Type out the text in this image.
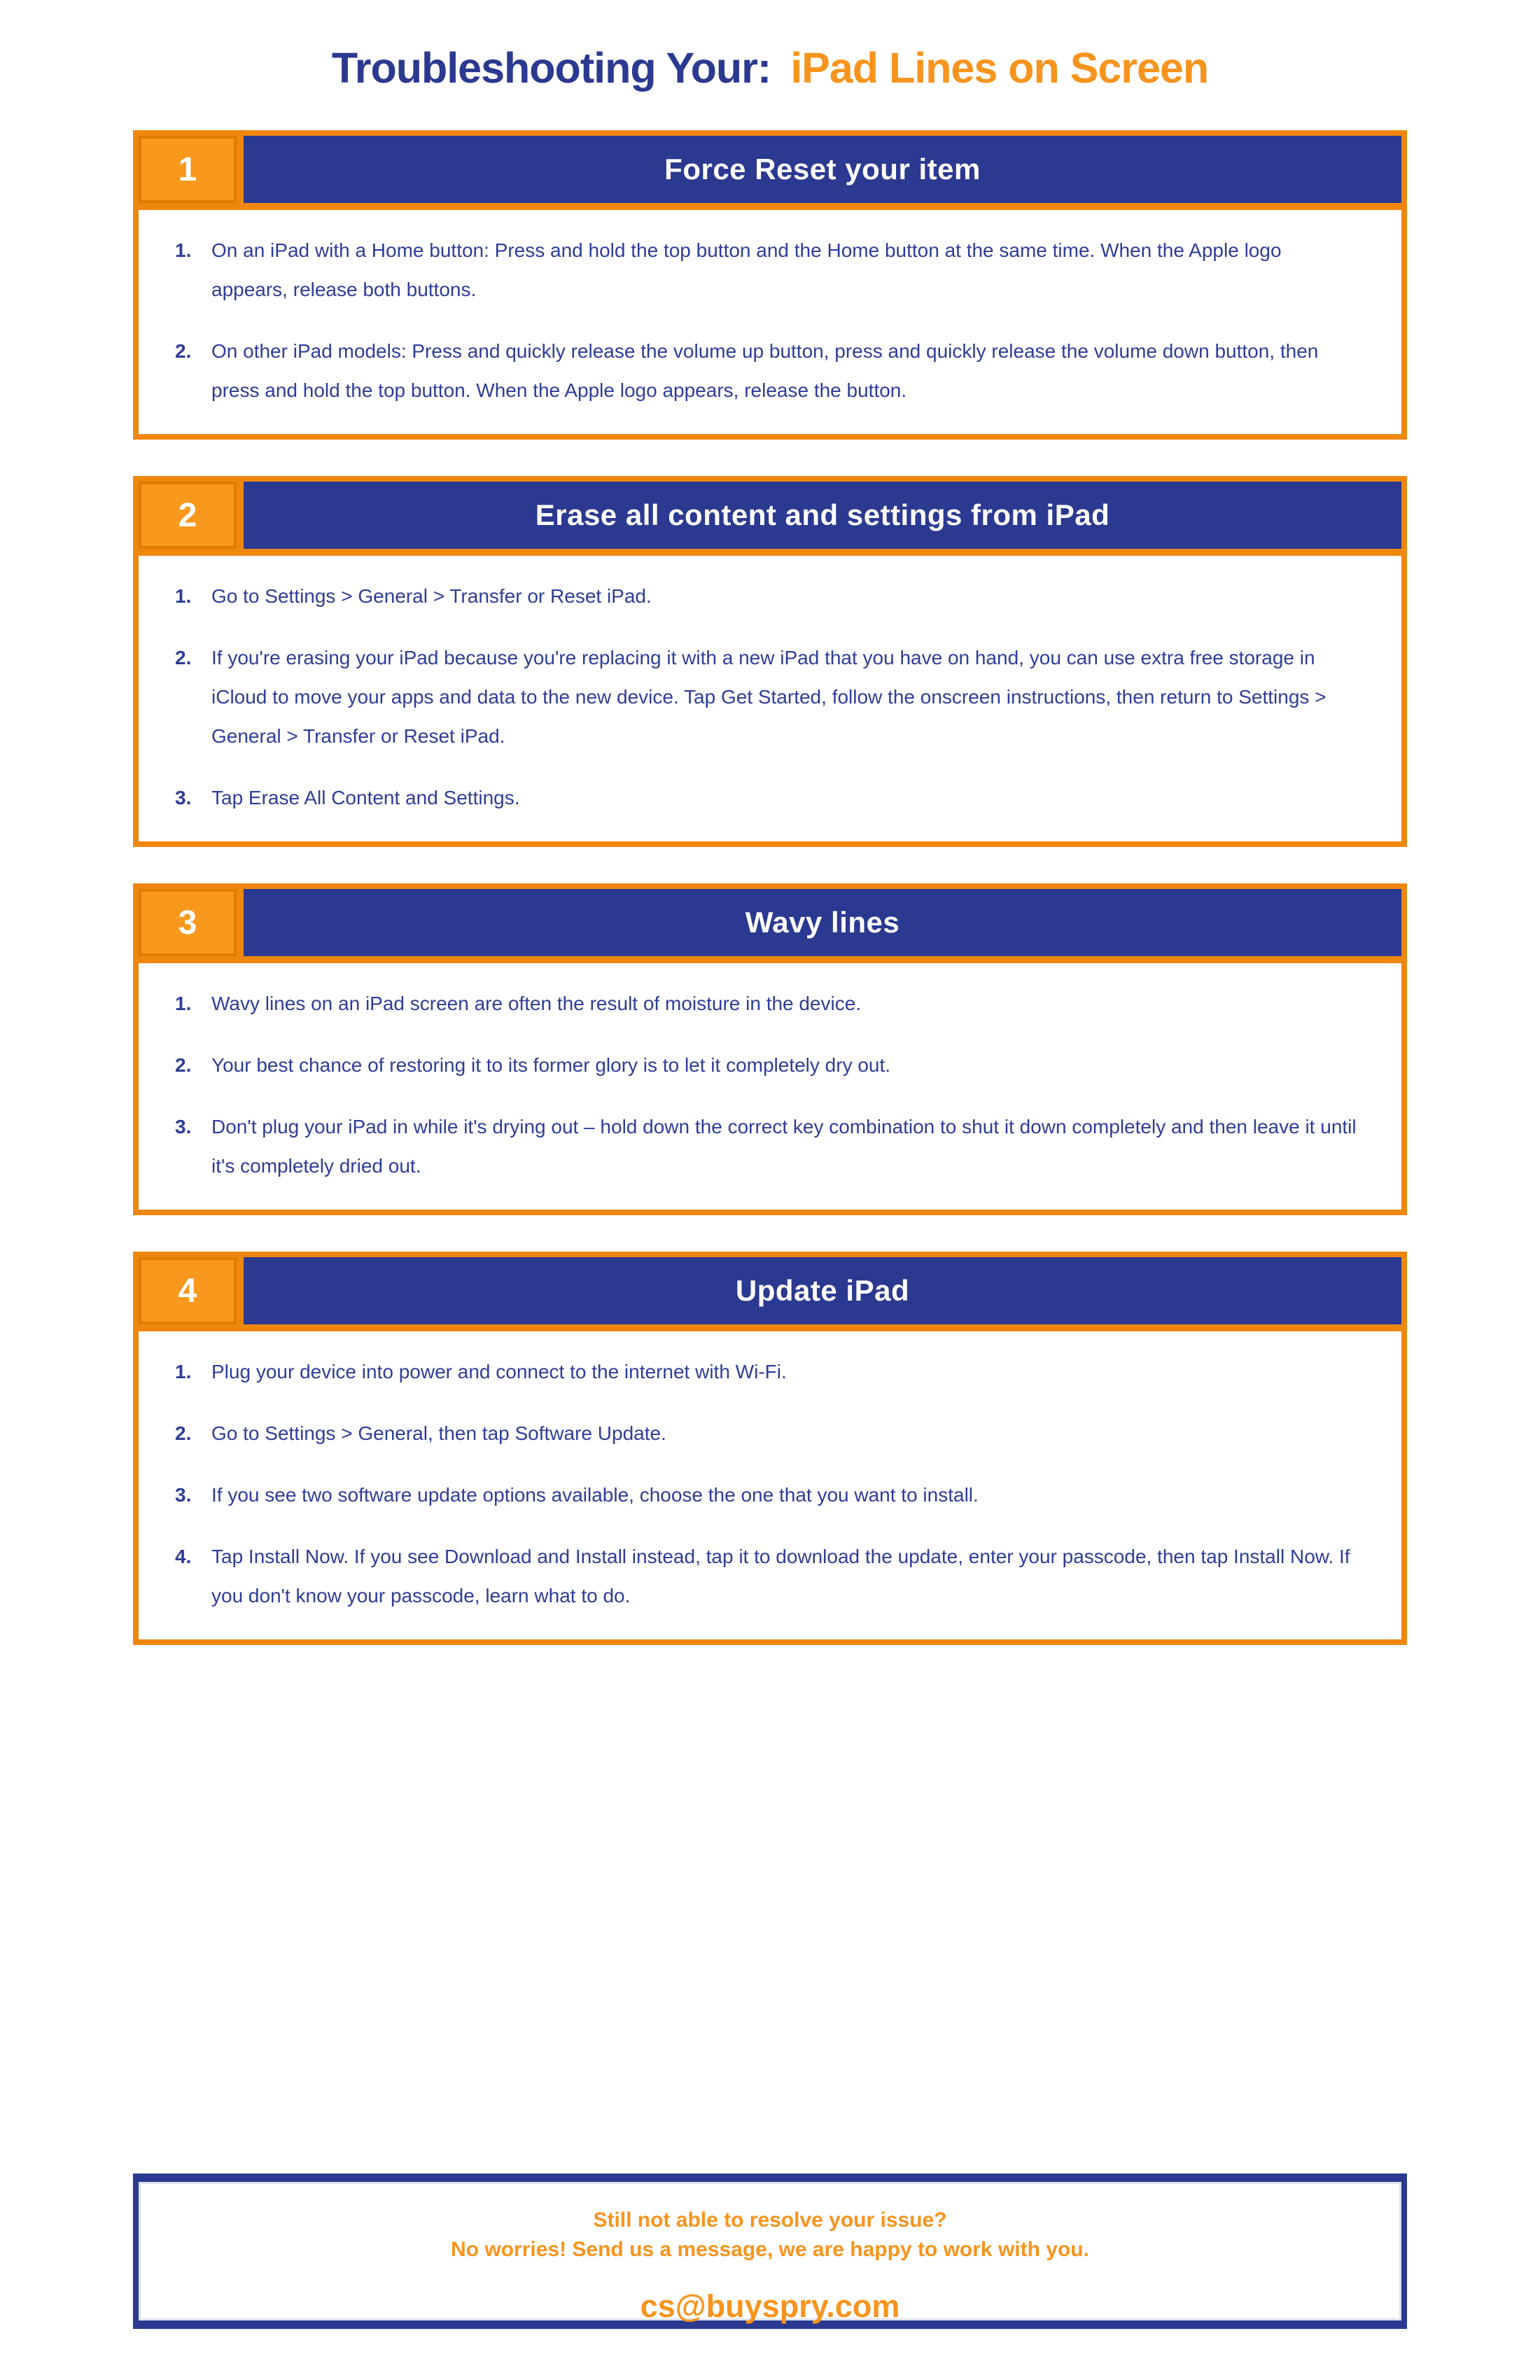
Troubleshooting Your: iPad Lines on Screen
1	Force Reset your item
1.	On an iPad with a Home button: Press and hold the top button and the Home button at the same time. When the Apple logo appears, release both buttons.
2.	On other iPad models: Press and quickly release the volume up button, press and quickly release the volume down button, then press and hold the top button. When the Apple logo appears, release the button.
2	Erase all content and settings from iPad
1.	Go to Settings > General > Transfer or Reset iPad.
2.	If you're erasing your iPad because you're replacing it with a new iPad that you have on hand, you can use extra free storage in iCloud to move your apps and data to the new device. Tap Get Started, follow the onscreen instructions, then return to Settings > General > Transfer or Reset iPad.
3.	Tap Erase All Content and Settings.
3	Wavy lines
1.	Wavy lines on an iPad screen are often the result of moisture in the device.
2.	Your best chance of restoring it to its former glory is to let it completely dry out.
3.	Don't plug your iPad in while it's drying out – hold down the correct key combination to shut it down completely and then leave it until it's completely dried out.
4	Update iPad
1.	Plug your device into power and connect to the internet with Wi-Fi.
2.	Go to Settings > General, then tap Software Update.
3.	If you see two software update options available, choose the one that you want to install.
4.	Tap Install Now. If you see Download and Install instead, tap it to download the update, enter your passcode, then tap Install Now. If you don't know your passcode, learn what to do.
Still not able to resolve your issue?
No worries! Send us a message, we are happy to work with you.
cs@buyspry.com
